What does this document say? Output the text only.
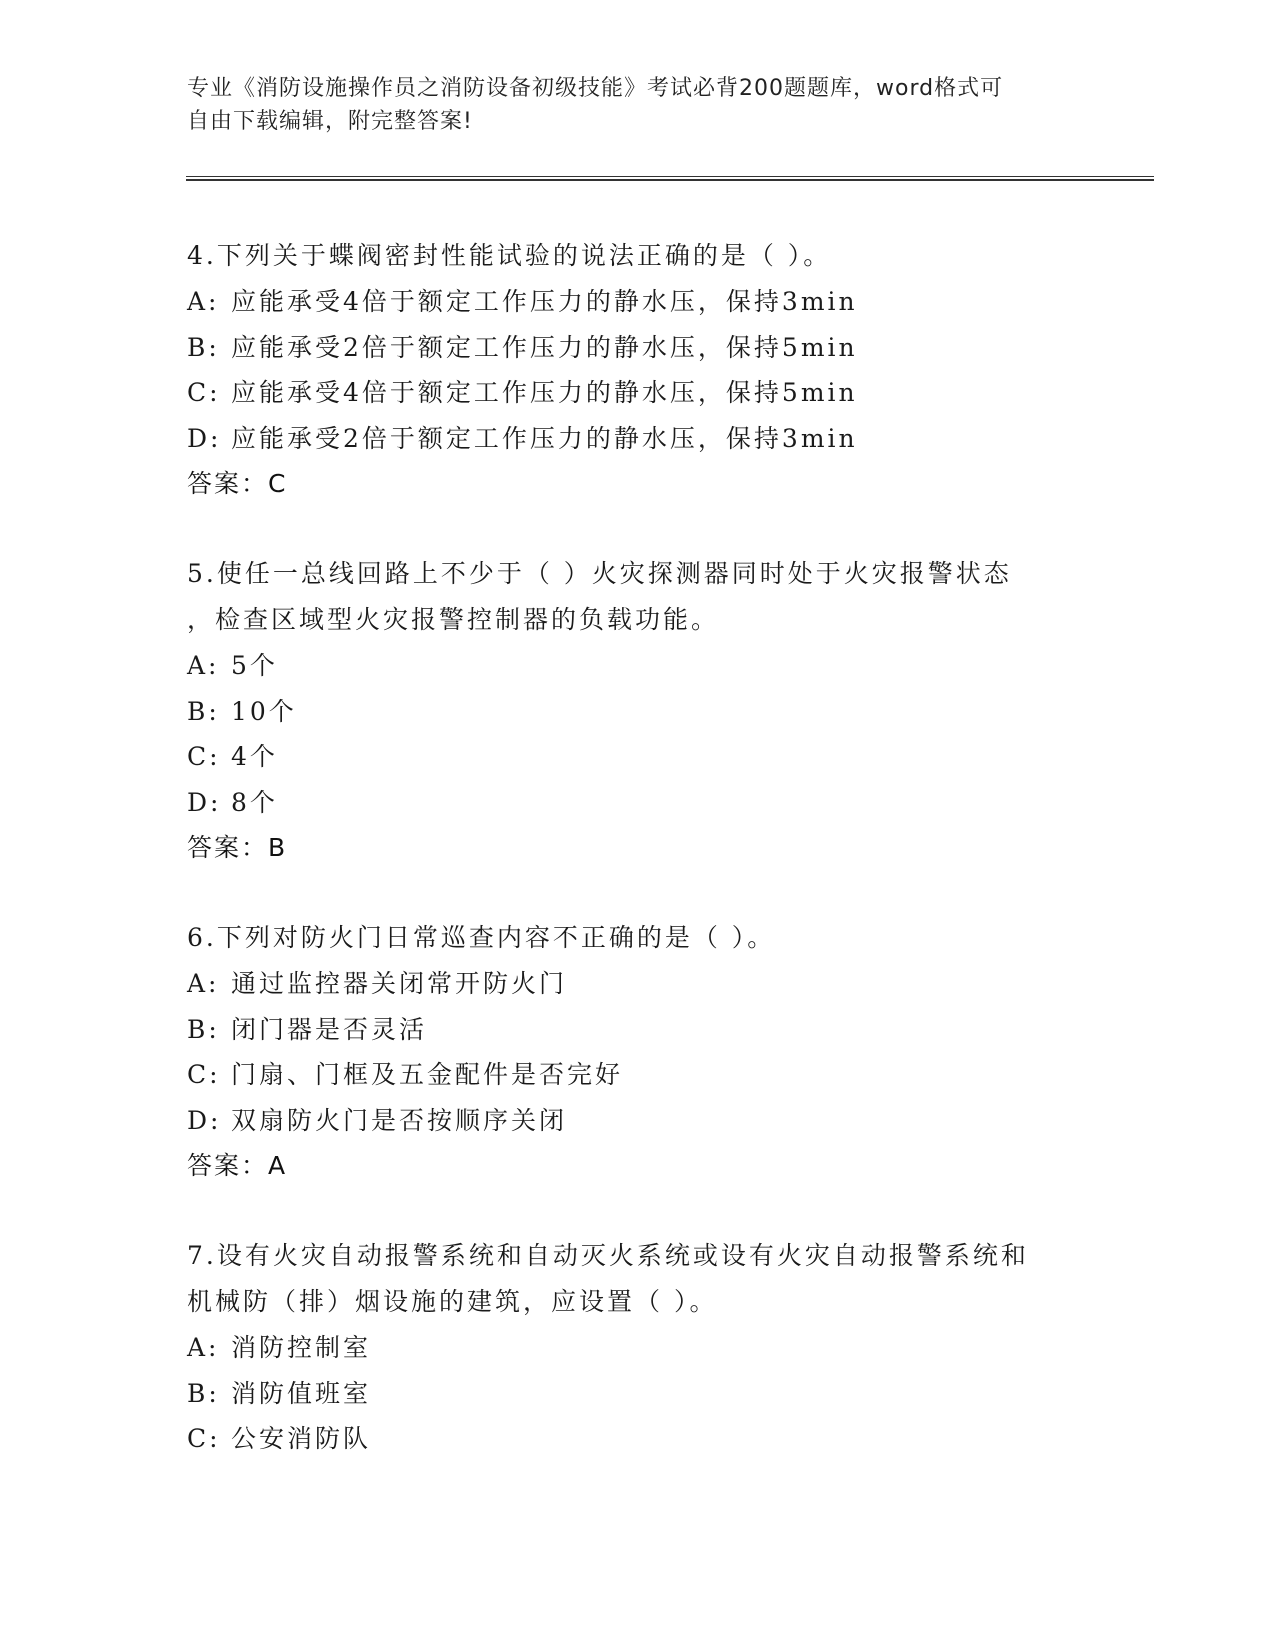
专业《消防设施操作员之消防设备初级技能》考试必背200题题库，word格式可
自由下载编辑，附完整答案!
4.下列关于蝶阀密封性能试验的说法正确的是（ ）。
A: 应能承受4倍于额定工作压力的静水压，保持3min
B: 应能承受2倍于额定工作压力的静水压，保持5min
C: 应能承受4倍于额定工作压力的静水压，保持5min
D: 应能承受2倍于额定工作压力的静水压，保持3min
答案：C
5.使任一总线回路上不少于（ ）火灾探测器同时处于火灾报警状态
，检查区域型火灾报警控制器的负载功能。
A: 5个
B: 10个
C: 4个
D: 8个
答案：B
6.下列对防火门日常巡查内容不正确的是（ ）。
A: 通过监控器关闭常开防火门
B: 闭门器是否灵活
C: 门扇、门框及五金配件是否完好
D: 双扇防火门是否按顺序关闭
答案：A
7.设有火灾自动报警系统和自动灭火系统或设有火灾自动报警系统和
机械防（排）烟设施的建筑，应设置（ ）。
A: 消防控制室
B: 消防值班室
C: 公安消防队
